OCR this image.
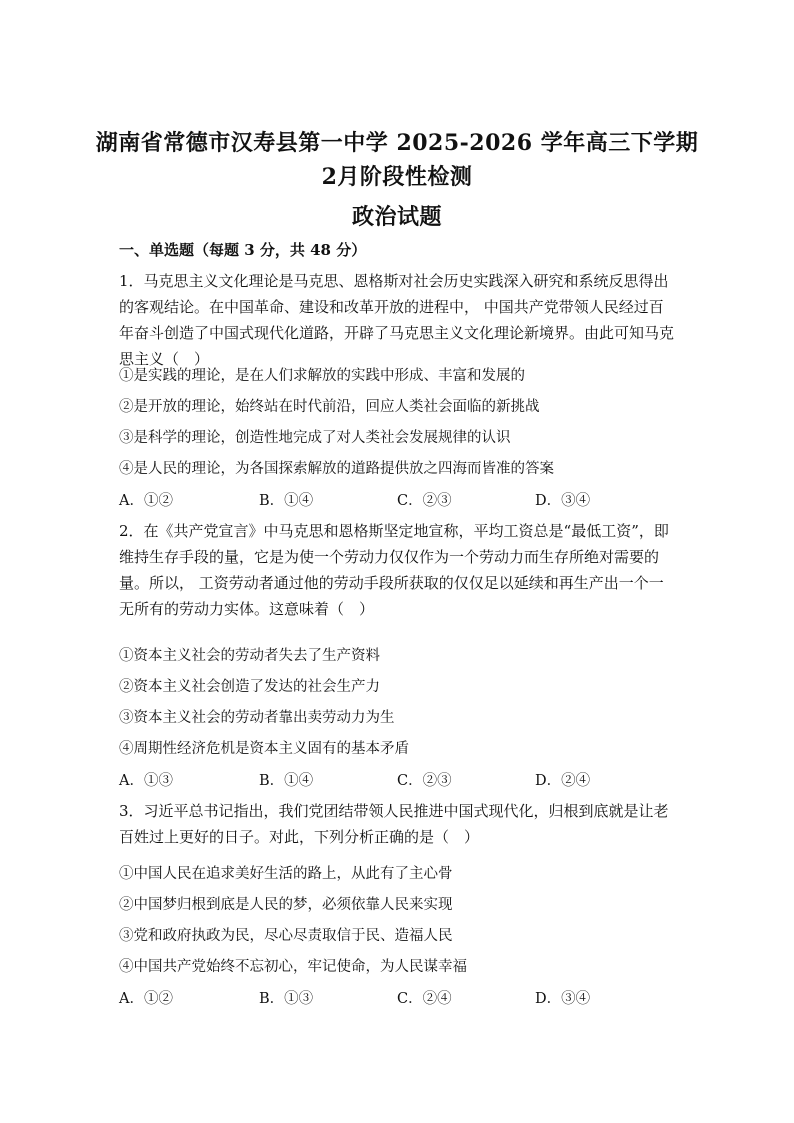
湖南省常德市汉寿县第一中学 2025-2026 学年高三下学期
2月阶段性检测
政治试题
一、单选题（每题 3 分，共 48 分）
1．马克思主义文化理论是马克思、恩格斯对社会历史实践深入研究和系统反思得出的客观结论。在中国革命、建设和改革开放的进程中， 中国共产党带领人民经过百年奋斗创造了中国式现代化道路，开辟了马克思主义文化理论新境界。由此可知马克思主义（　）
①是实践的理论，是在人们求解放的实践中形成、丰富和发展的
②是开放的理论，始终站在时代前沿，回应人类社会面临的新挑战
③是科学的理论，创造性地完成了对人类社会发展规律的认识
④是人民的理论，为各国探索解放的道路提供放之四海而皆准的答案
A．①②	B．①④	C．②③	D．③④
2．在《共产党宣言》中马克思和恩格斯坚定地宣称，平均工资总是“最低工资”，即维持生存手段的量，它是为使一个劳动力仅仅作为一个劳动力而生存所绝对需要的量。所以， 工资劳动者通过他的劳动手段所获取的仅仅足以延续和再生产出一个一无所有的劳动力实体。这意味着（　）
①资本主义社会的劳动者失去了生产资料
②资本主义社会创造了发达的社会生产力
③资本主义社会的劳动者靠出卖劳动力为生
④周期性经济危机是资本主义固有的基本矛盾
A．①③	B．①④	C．②③	D．②④
3．习近平总书记指出，我们党团结带领人民推进中国式现代化，归根到底就是让老百姓过上更好的日子。对此，下列分析正确的是（　）
①中国人民在追求美好生活的路上，从此有了主心骨
②中国梦归根到底是人民的梦，必须依靠人民来实现
③党和政府执政为民，尽心尽责取信于民、造福人民
④中国共产党始终不忘初心，牢记使命，为人民谋幸福
A．①②	B．①③	C．②④	D．③④
